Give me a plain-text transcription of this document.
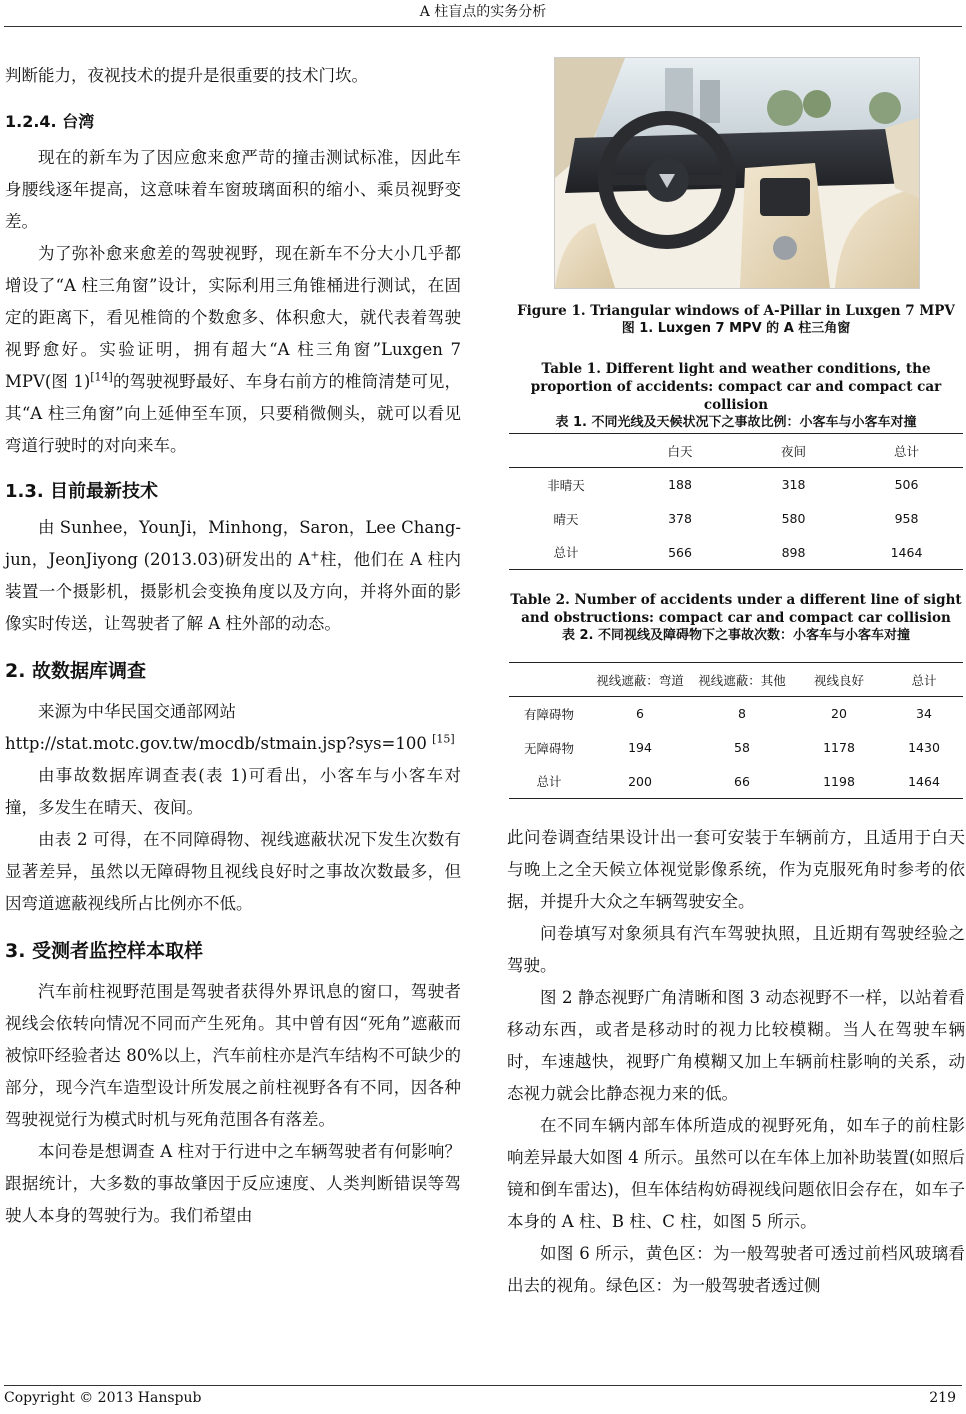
A 柱盲点的实务分析

判断能力，夜视技术的提升是很重要的技术门坎。

1.2.4. 台湾

现在的新车为了因应愈来愈严苛的撞击测试标准，因此车身腰线逐年提高，这意味着车窗玻璃面积的缩小、乘员视野变差。

为了弥补愈来愈差的驾驶视野，现在新车不分大小几乎都增设了“A 柱三角窗”设计，实际利用三角锥桶进行测试，在固定的距离下，看见椎筒的个数愈多、体积愈大，就代表着驾驶视野愈好。实验证明，拥有超大“A 柱三角窗”Luxgen 7 MPV(图 1)[14]的驾驶视野最好、车身右前方的椎筒清楚可见，其“A 柱三角窗”向上延伸至车顶，只要稍微侧头，就可以看见弯道行驶时的对向来车。

1.3. 目前最新技术

由 Sunhee，YounJi，Minhong，Saron，Lee Chang-jun，JeonJiyong (2013.03)研发出的 A+柱，他们在 A 柱内装置一个摄影机，摄影机会变换角度以及方向，并将外面的影像实时传送，让驾驶者了解 A 柱外部的动态。

2. 故数据库调查

来源为中华民国交通部网站

http://stat.motc.gov.tw/mocdb/stmain.jsp?sys=100 [15]

由事故数据库调查表(表 1)可看出，小客车与小客车对撞，多发生在晴天、夜间。

由表 2 可得，在不同障碍物、视线遮蔽状况下发生次数有显著差异，虽然以无障碍物且视线良好时之事故次数最多，但因弯道遮蔽视线所占比例亦不低。

3. 受测者监控样本取样

汽车前柱视野范围是驾驶者获得外界讯息的窗口，驾驶者视线会依转向情况不同而产生死角。其中曾有因“死角”遮蔽而被惊吓经验者达 80%以上，汽车前柱亦是汽车结构不可缺少的部分，现今汽车造型设计所发展之前柱视野各有不同，因各种驾驶视觉行为模式时机与死角范围各有落差。

本问卷是想调查 A 柱对于行进中之车辆驾驶者有何影响？跟据统计，大多数的事故肇因于反应速度、人类判断错误等驾驶人本身的驾驶行为。我们希望由

Figure 1. Triangular windows of A-Pillar in Luxgen 7 MPV
图 1. Luxgen 7 MPV 的 A 柱三角窗
Table 1. Different light and weather conditions, the proportion of accidents: compact car and compact car collision
表 1. 不同光线及天候状况下之事故比例：小客车与小客车对撞
	白天	夜间	总计
非晴天	188	318	506
晴天	378	580	958
总计	566	898	1464
Table 2. Number of accidents under a different line of sight and obstructions: compact car and compact car collision
表 2. 不同视线及障碍物下之事故次数：小客车与小客车对撞
	视线遮蔽：弯道	视线遮蔽：其他	视线良好	总计
有障碍物	6	8	20	34
无障碍物	194	58	1178	1430
总计	200	66	1198	1464

此问卷调查结果设计出一套可安装于车辆前方，且适用于白天与晚上之全天候立体视觉影像系统，作为克服死角时参考的依据，并提升大众之车辆驾驶安全。

问卷填写对象须具有汽车驾驶执照，且近期有驾驶经验之驾驶。

图 2 静态视野广角清晰和图 3 动态视野不一样，以站着看移动东西，或者是移动时的视力比较模糊。当人在驾驶车辆时，车速越快，视野广角模糊又加上车辆前柱影响的关系，动态视力就会比静态视力来的低。

在不同车辆内部车体所造成的视野死角，如车子的前柱影响差异最大如图 4 所示。虽然可以在车体上加补助装置(如照后镜和倒车雷达)，但车体结构妨碍视线问题依旧会存在，如车子本身的 A 柱、B 柱、C 柱，如图 5 所示。

如图 6 所示，黄色区：为一般驾驶者可透过前档风玻璃看出去的视角。绿色区：为一般驾驶者透过侧

Copyright © 2013 Hanspub	219
